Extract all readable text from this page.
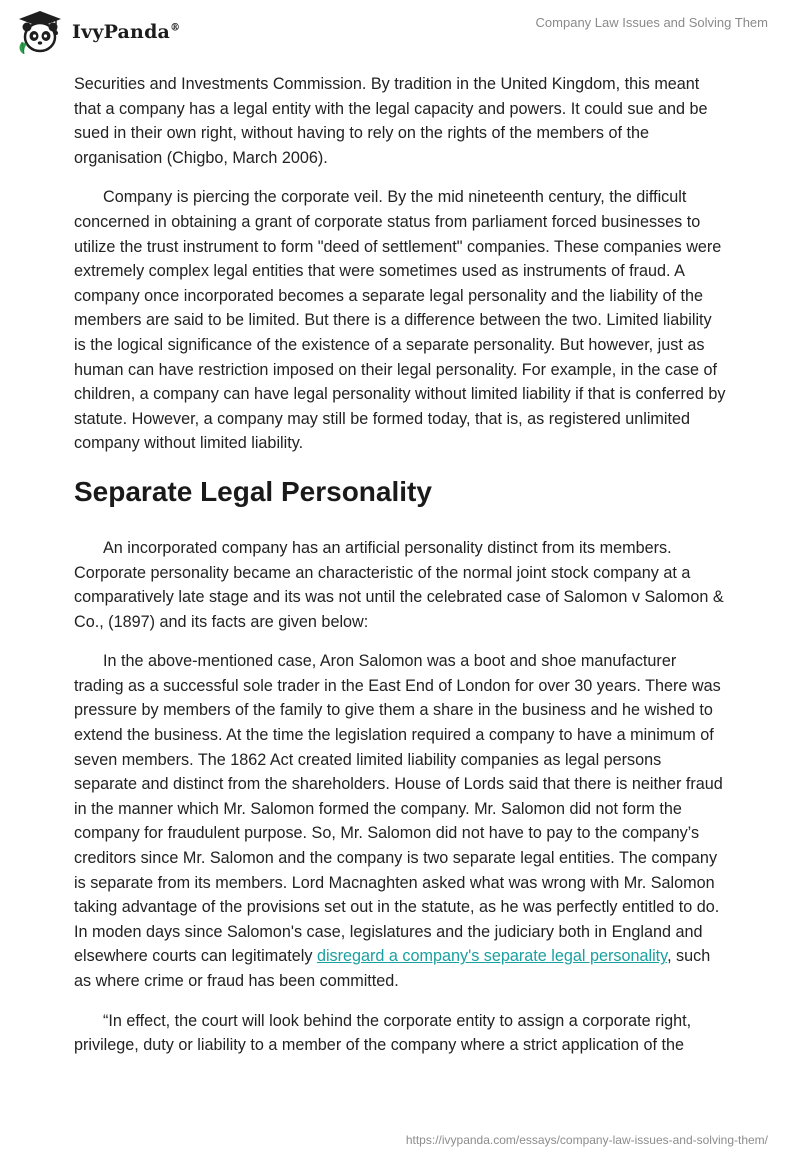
IvyPanda®	Company Law Issues and Solving Them

Securities and Investments Commission. By tradition in the United Kingdom, this meant that a company has a legal entity with the legal capacity and powers. It could sue and be sued in their own right, without having to rely on the rights of the members of the organisation (Chigbo, March 2006).

Company is piercing the corporate veil. By the mid nineteenth century, the difficult concerned in obtaining a grant of corporate status from parliament forced businesses to utilize the trust instrument to form "deed of settlement" companies. These companies were extremely complex legal entities that were sometimes used as instruments of fraud. A company once incorporated becomes a separate legal personality and the liability of the members are said to be limited. But there is a difference between the two. Limited liability is the logical significance of the existence of a separate personality. But however, just as human can have restriction imposed on their legal personality. For example, in the case of children, a company can have legal personality without limited liability if that is conferred by statute. However, a company may still be formed today, that is, as registered unlimited company without limited liability.

Separate Legal Personality

An incorporated company has an artificial personality distinct from its members. Corporate personality became an characteristic of the normal joint stock company at a comparatively late stage and its was not until the celebrated case of Salomon v Salomon & Co., (1897) and its facts are given below:

In the above-mentioned case, Aron Salomon was a boot and shoe manufacturer trading as a successful sole trader in the East End of London for over 30 years. There was pressure by members of the family to give them a share in the business and he wished to extend the business. At the time the legislation required a company to have a minimum of seven members. The 1862 Act created limited liability companies as legal persons separate and distinct from the shareholders. House of Lords said that there is neither fraud in the manner which Mr. Salomon formed the company. Mr. Salomon did not form the company for fraudulent purpose. So, Mr. Salomon did not have to pay to the company’s creditors since Mr. Salomon and the company is two separate legal entities. The company is separate from its members. Lord Macnaghten asked what was wrong with Mr. Salomon taking advantage of the provisions set out in the statute, as he was perfectly entitled to do. In moden days since Salomon's case, legislatures and the judiciary both in England and elsewhere courts can legitimately disregard a company's separate legal personality, such as where crime or fraud has been committed.

“In effect, the court will look behind the corporate entity to assign a corporate right, privilege, duty or liability to a member of the company where a strict application of the

https://ivypanda.com/essays/company-law-issues-and-solving-them/
